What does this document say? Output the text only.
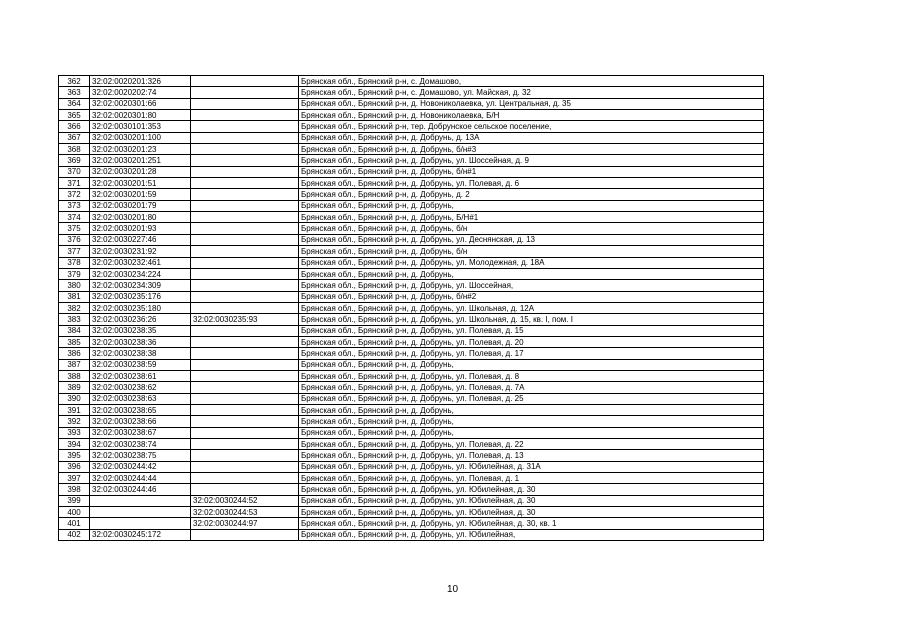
362	32:02:0020201:326		Брянская обл., Брянский р-н, с. Домашово,
363	32:02:0020202:74		Брянская обл., Брянский р-н, с. Домашово, ул. Майская, д. 32
364	32:02:0020301:66		Брянская обл., Брянский р-н, д. Новониколаевка, ул. Центральная, д. 35
365	32:02:0020301:80		Брянская обл., Брянский р-н, д. Новониколаевка, Б/Н
366	32:02:0030101:353		Брянская обл., Брянский р-н, тер. Добрунское сельское поселение,
367	32:02:0030201:100		Брянская обл., Брянский р-н, д. Добрунь, д. 13А
368	32:02:0030201:23		Брянская обл., Брянский р-н, д. Добрунь, б/н#3
369	32:02:0030201:251		Брянская обл., Брянский р-н, д. Добрунь, ул. Шоссейная, д. 9
370	32:02:0030201:28		Брянская обл., Брянский р-н, д. Добрунь, б/н#1
371	32:02:0030201:51		Брянская обл., Брянский р-н, д. Добрунь, ул. Полевая, д. 6
372	32:02:0030201:59		Брянская обл., Брянский р-н, д. Добрунь, д. 2
373	32:02:0030201:79		Брянская обл., Брянский р-н, д. Добрунь,
374	32:02:0030201:80		Брянская обл., Брянский р-н, д. Добрунь, Б/Н#1
375	32:02:0030201:93		Брянская обл., Брянский р-н, д. Добрунь, б/н
376	32:02:0030227:46		Брянская обл., Брянский р-н, д. Добрунь, ул. Деснянская, д. 13
377	32:02:0030231:92		Брянская обл., Брянский р-н, д. Добрунь, б/н
378	32:02:0030232:461		Брянская обл., Брянский р-н, д. Добрунь, ул. Молодежная, д. 18А
379	32:02:0030234:224		Брянская обл., Брянский р-н, д. Добрунь,
380	32:02:0030234:309		Брянская обл., Брянский р-н, д. Добрунь, ул. Шоссейная,
381	32:02:0030235:176		Брянская обл., Брянский р-н, д. Добрунь, б/н#2
382	32:02:0030235:180		Брянская обл., Брянский р-н, д. Добрунь, ул. Школьная, д. 12А
383	32:02:0030236:26	32:02:0030235:93	Брянская обл., Брянский р-н, д. Добрунь, ул. Школьная, д. 15, кв. I, пом. I
384	32:02:0030238:35		Брянская обл., Брянский р-н, д. Добрунь, ул. Полевая, д. 15
385	32:02:0030238:36		Брянская обл., Брянский р-н, д. Добрунь, ул. Полевая, д. 20
386	32:02:0030238:38		Брянская обл., Брянский р-н, д. Добрунь, ул. Полевая, д. 17
387	32:02:0030238:59		Брянская обл., Брянский р-н, д. Добрунь,
388	32:02:0030238:61		Брянская обл., Брянский р-н, д. Добрунь, ул. Полевая, д. 8
389	32:02:0030238:62		Брянская обл., Брянский р-н, д. Добрунь, ул. Полевая, д. 7А
390	32:02:0030238:63		Брянская обл., Брянский р-н, д. Добрунь, ул. Полевая, д. 25
391	32:02:0030238:65		Брянская обл., Брянский р-н, д. Добрунь,
392	32:02:0030238:66		Брянская обл., Брянский р-н, д. Добрунь,
393	32:02:0030238:67		Брянская обл., Брянский р-н, д. Добрунь,
394	32:02:0030238:74		Брянская обл., Брянский р-н, д. Добрунь, ул. Полевая, д. 22
395	32:02:0030238:75		Брянская обл., Брянский р-н, д. Добрунь, ул. Полевая, д. 13
396	32:02:0030244:42		Брянская обл., Брянский р-н, д. Добрунь, ул. Юбилейная, д. 31А
397	32:02:0030244:44		Брянская обл., Брянский р-н, д. Добрунь, ул. Полевая, д. 1
398	32:02:0030244:46		Брянская обл., Брянский р-н, д. Добрунь, ул. Юбилейная, д. 30
399		32:02:0030244:52	Брянская обл., Брянский р-н, д. Добрунь, ул. Юбилейная, д. 30
400		32:02:0030244:53	Брянская обл., Брянский р-н, д. Добрунь, ул. Юбилейная, д. 30
401		32:02:0030244:97	Брянская обл., Брянский р-н, д. Добрунь, ул. Юбилейная, д. 30, кв. 1
402	32:02:0030245:172		Брянская обл., Брянский р-н, д. Добрунь, ул. Юбилейная,
10
